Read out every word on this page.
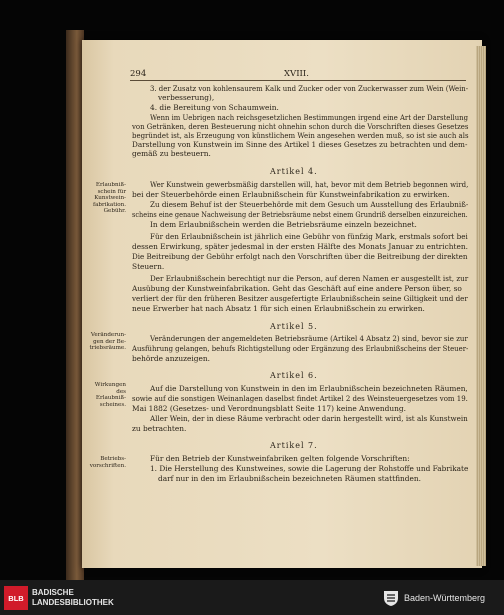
294	XVIII.
3. der Zusatz von kohlensaurem Kalk und Zucker oder von Zuckerwasser zum Wein (Wein-
verbesserung),
4. die Bereitung von Schaumwein.
Wenn im Uebrigen nach reichsgesetzlichen Bestimmungen irgend eine Art der Darstellung
von Getränken, deren Besteuerung nicht ohnehin schon durch die Vorschriften dieses Gesetzes
begründet ist, als Erzeugung von künstlichem Wein angesehen werden muß, so ist sie auch als
Darstellung von Kunstwein im Sinne des Artikel 1 dieses Gesetzes zu betrachten und dem-
gemäß zu besteuern.
Artikel 4.
Wer Kunstwein gewerbsmäßig darstellen will, hat, bevor mit dem Betrieb begonnen wird,
bei der Steuerbehörde einen Erlaubnißschein für Kunstweinfabrikation zu erwirken.
Zu diesem Behuf ist der Steuerbehörde mit dem Gesuch um Ausstellung des Erlaubniß-
scheins eine genaue Nachweisung der Betriebsräume nebst einem Grundriß derselben einzureichen.
In dem Erlaubnißschein werden die Betriebsräume einzeln bezeichnet.
Für den Erlaubnißschein ist jährlich eine Gebühr von fünfzig Mark, erstmals sofort bei
dessen Erwirkung, später jedesmal in der ersten Hälfte des Monats Januar zu entrichten.
Die Beitreibung der Gebühr erfolgt nach den Vorschriften über die Beitreibung der direkten
Steuern.
Der Erlaubnißschein berechtigt nur die Person, auf deren Namen er ausgestellt ist, zur
Ausübung der Kunstweinfabrikation. Geht das Geschäft auf eine andere Person über, so
verliert der für den früheren Besitzer ausgefertigte Erlaubnißschein seine Giltigkeit und der
neue Erwerber hat nach Absatz 1 für sich einen Erlaubnißschein zu erwirken.
Artikel 5.
Veränderungen der angemeldeten Betriebsräume (Artikel 4 Absatz 2) sind, bevor sie zur
Ausführung gelangen, behufs Richtigstellung oder Ergänzung des Erlaubnißscheins der Steuer-
behörde anzuzeigen.
Artikel 6.
Auf die Darstellung von Kunstwein in den im Erlaubnißschein bezeichneten Räumen,
sowie auf die sonstigen Weinanlagen daselbst findet Artikel 2 des Weinsteuergesetzes vom 19.
Mai 1882 (Gesetzes- und Verordnungsblatt Seite 117) keine Anwendung.
Aller Wein, der in diese Räume verbracht oder darin hergestellt wird, ist als Kunstwein
zu betrachten.
Artikel 7.
Für den Betrieb der Kunstweinfabriken gelten folgende Vorschriften:
1. Die Herstellung des Kunstweines, sowie die Lagerung der Rohstoffe und Fabrikate
darf nur in den im Erlaubnißschein bezeichneten Räumen stattfinden.
Erlaubniß-schein für Kunstwein-fabrikation. Gebühr.
Veränderun-gen der Be-triebsräume.
Wirkungen des Erlaubniß-scheines.
Betriebs-vorschriften.
BLB
BADISCHE
LANDESBIBLIOTHEK	Baden-Württemberg
